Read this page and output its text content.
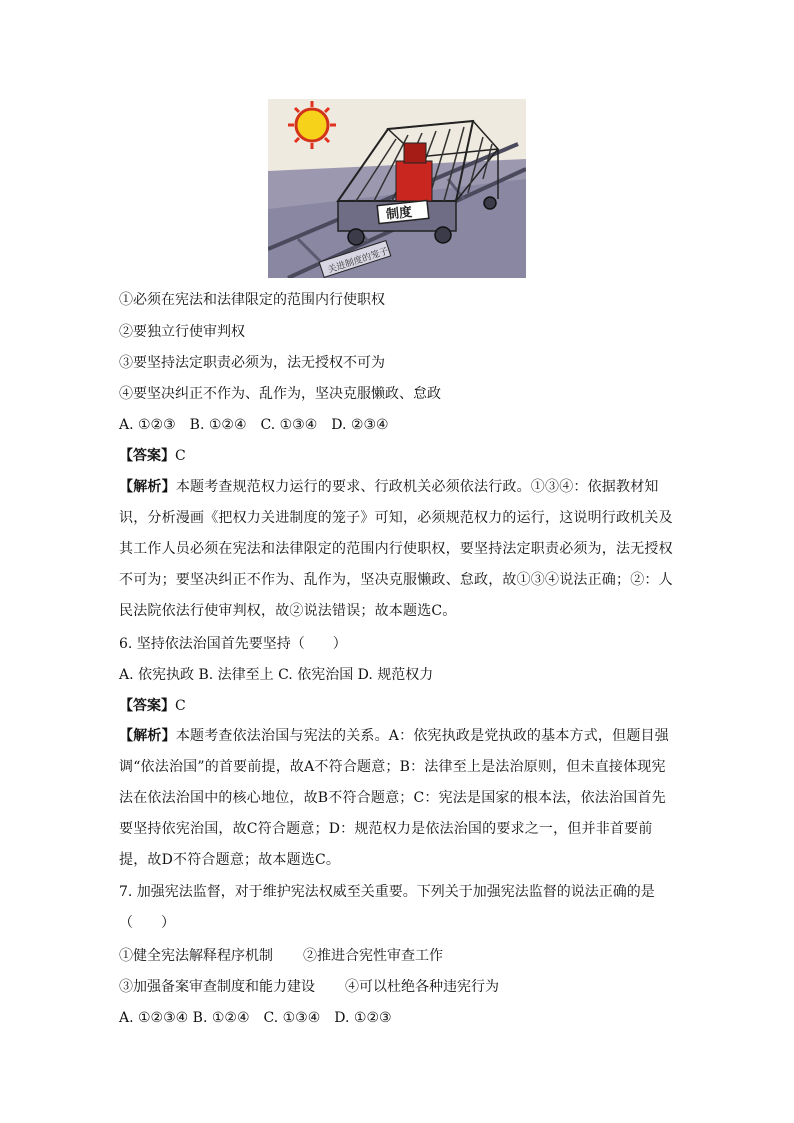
关进制度的笼子
制度
①必须在宪法和法律限定的范围内行使职权
②要独立行使审判权
③要坚持法定职责必须为，法无授权不可为
④要坚决纠正不作为、乱作为，坚决克服懒政、怠政
A. ①②③　B. ①②④　C. ①③④　D. ②③④
【答案】C
【解析】本题考查规范权力运行的要求、行政机关必须依法行政。①③④：依据教材知识，分析漫画《把权力关进制度的笼子》可知，必须规范权力的运行，这说明行政机关及其工作人员必须在宪法和法律限定的范围内行使职权，要坚持法定职责必须为，法无授权不可为；要坚决纠正不作为、乱作为，坚决克服懒政、怠政，故①③④说法正确；②：人民法院依法行使审判权，故②说法错误；故本题选C。
6. 坚持依法治国首先要坚持（　　）
A. 依宪执政 B. 法律至上 C. 依宪治国 D. 规范权力
【答案】C
【解析】本题考查依法治国与宪法的关系。A：依宪执政是党执政的基本方式，但题目强调“依法治国”的首要前提，故A不符合题意；B：法律至上是法治原则，但未直接体现宪法在依法治国中的核心地位，故B不符合题意；C：宪法是国家的根本法，依法治国首先要坚持依宪治国，故C符合题意；D：规范权力是依法治国的要求之一，但并非首要前提，故D不符合题意；故本题选C。
7. 加强宪法监督，对于维护宪法权威至关重要。下列关于加强宪法监督的说法正确的是（　　）
①健全宪法解释程序机制 ②推进合宪性审查工作
③加强备案审查制度和能力建设 ④可以杜绝各种违宪行为
A. ①②③④ B. ①②④　C. ①③④　D. ①②③
